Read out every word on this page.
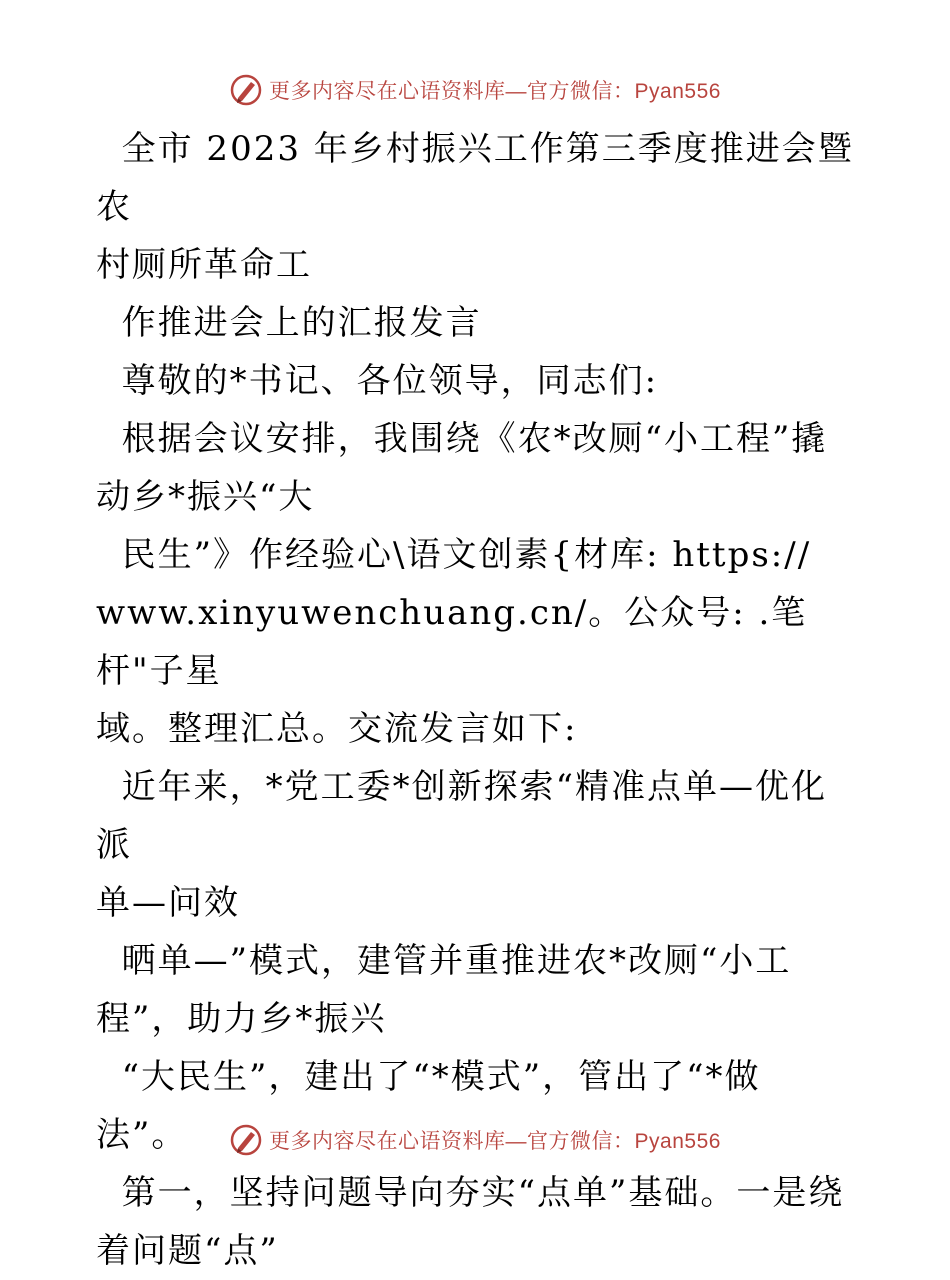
更多内容尽在心语资料库—官方微信：Pyan556

全市 2023 年乡村振兴工作第三季度推进会暨农

村厕所革命工

作推进会上的汇报发言

尊敬的*书记、各位领导，同志们:

根据会议安排，我围绕《农*改厕“小工程”撬

动乡*振兴“大

民生”》作经验心\语文创素{材库: https://

www.xinyuwenchuang.cn/。公众号: .笔杆"子星

域。整理汇总。交流发言如下:

近年来，*党工委*创新探索“精准点单—优化派

单—问效

晒单—”模式，建管并重推进农*改厕“小工

程”，助力乡*振兴

“大民生”，建出了“*模式”，管出了“*做

法”。

第一，坚持问题导向夯实“点单”基础。一是绕

着问题“点”

更多内容尽在心语资料库—官方微信：Pyan556
